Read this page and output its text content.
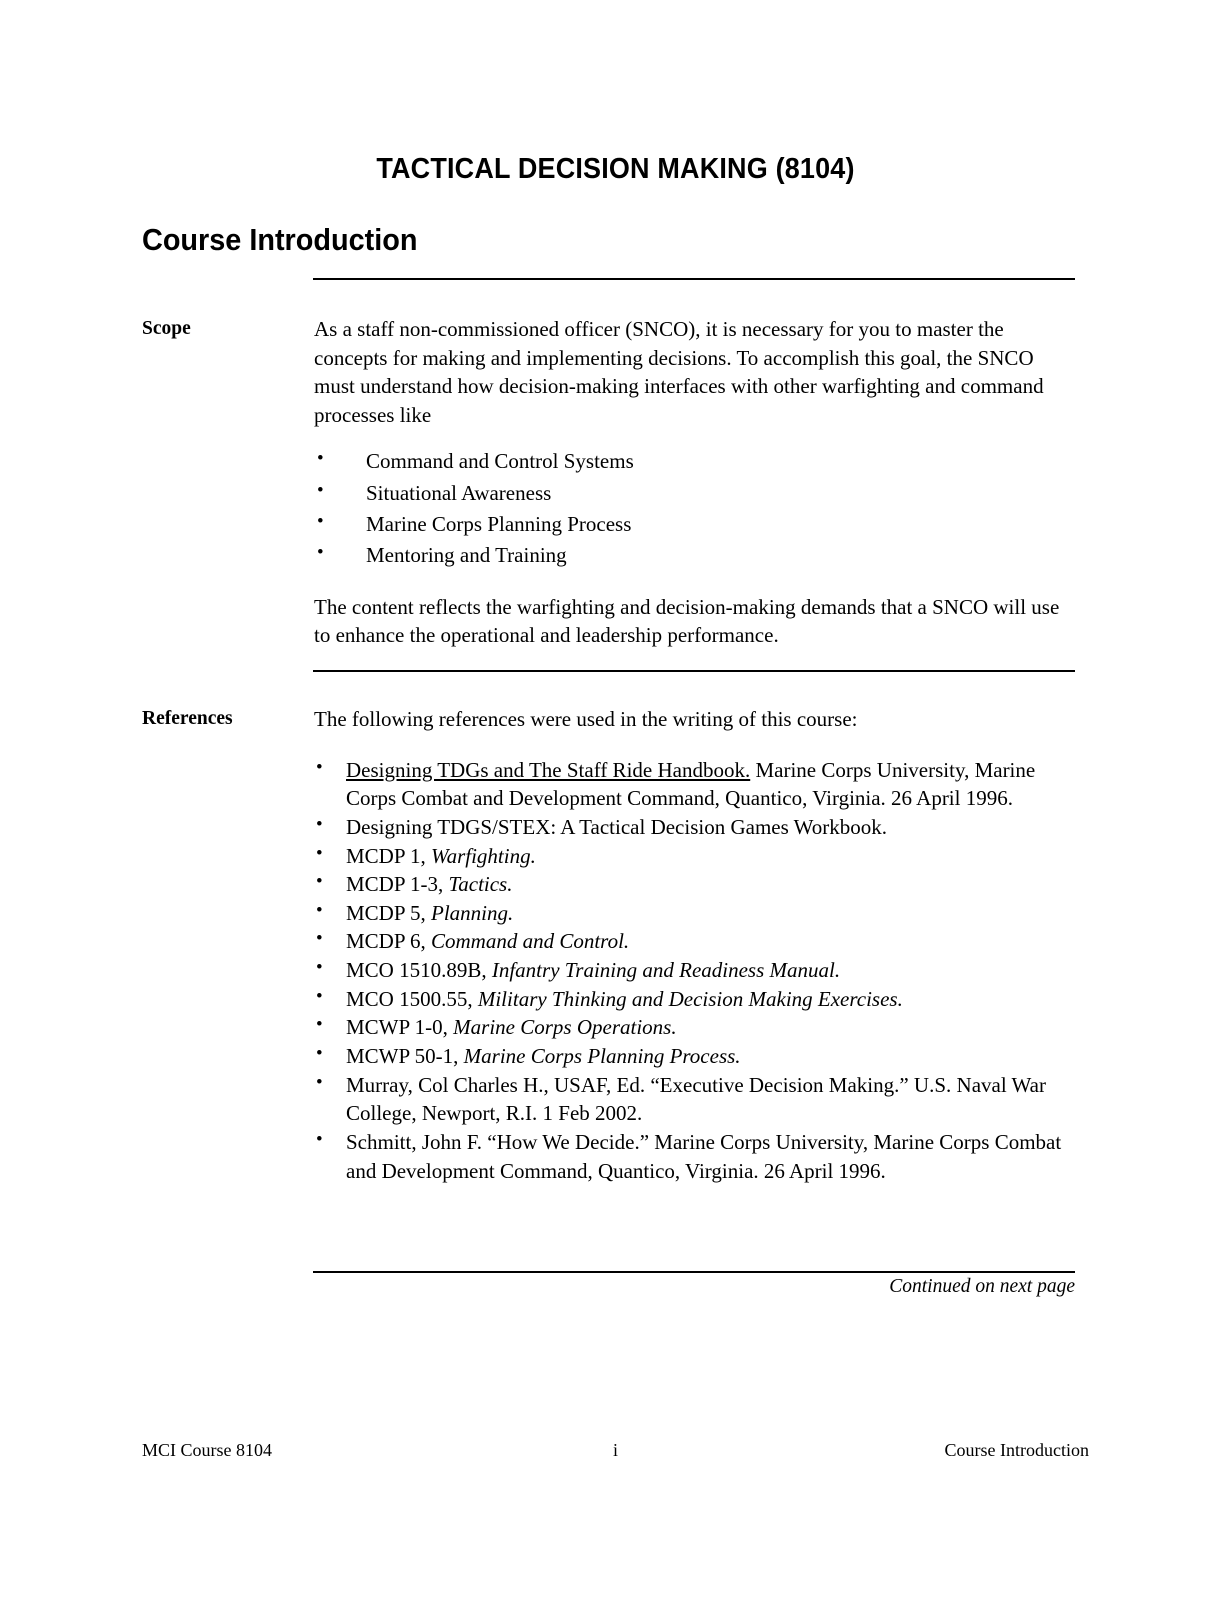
TACTICAL DECISION MAKING (8104)
Course Introduction
Scope	As a staff non-commissioned officer (SNCO), it is necessary for you to master the concepts for making and implementing decisions. To accomplish this goal, the SNCO must understand how decision-making interfaces with other warfighting and command processes like

• Command and Control Systems
• Situational Awareness
• Marine Corps Planning Process
• Mentoring and Training

The content reflects the warfighting and decision-making demands that a SNCO will use to enhance the operational and leadership performance.

References	The following references were used in the writing of this course:

• Designing TDGs and The Staff Ride Handbook. Marine Corps University, Marine Corps Combat and Development Command, Quantico, Virginia. 26 April 1996.
• Designing TDGS/STEX: A Tactical Decision Games Workbook.
• MCDP 1, Warfighting.
• MCDP 1-3, Tactics.
• MCDP 5, Planning.
• MCDP 6, Command and Control.
• MCO 1510.89B, Infantry Training and Readiness Manual.
• MCO 1500.55, Military Thinking and Decision Making Exercises.
• MCWP 1-0, Marine Corps Operations.
• MCWP 50-1, Marine Corps Planning Process.
• Murray, Col Charles H., USAF, Ed. “Executive Decision Making.” U.S. Naval War College, Newport, R.I. 1 Feb 2002.
• Schmitt, John F. “How We Decide.” Marine Corps University, Marine Corps Combat and Development Command, Quantico, Virginia. 26 April 1996.
Continued on next page
MCI Course 8104	i	Course Introduction
